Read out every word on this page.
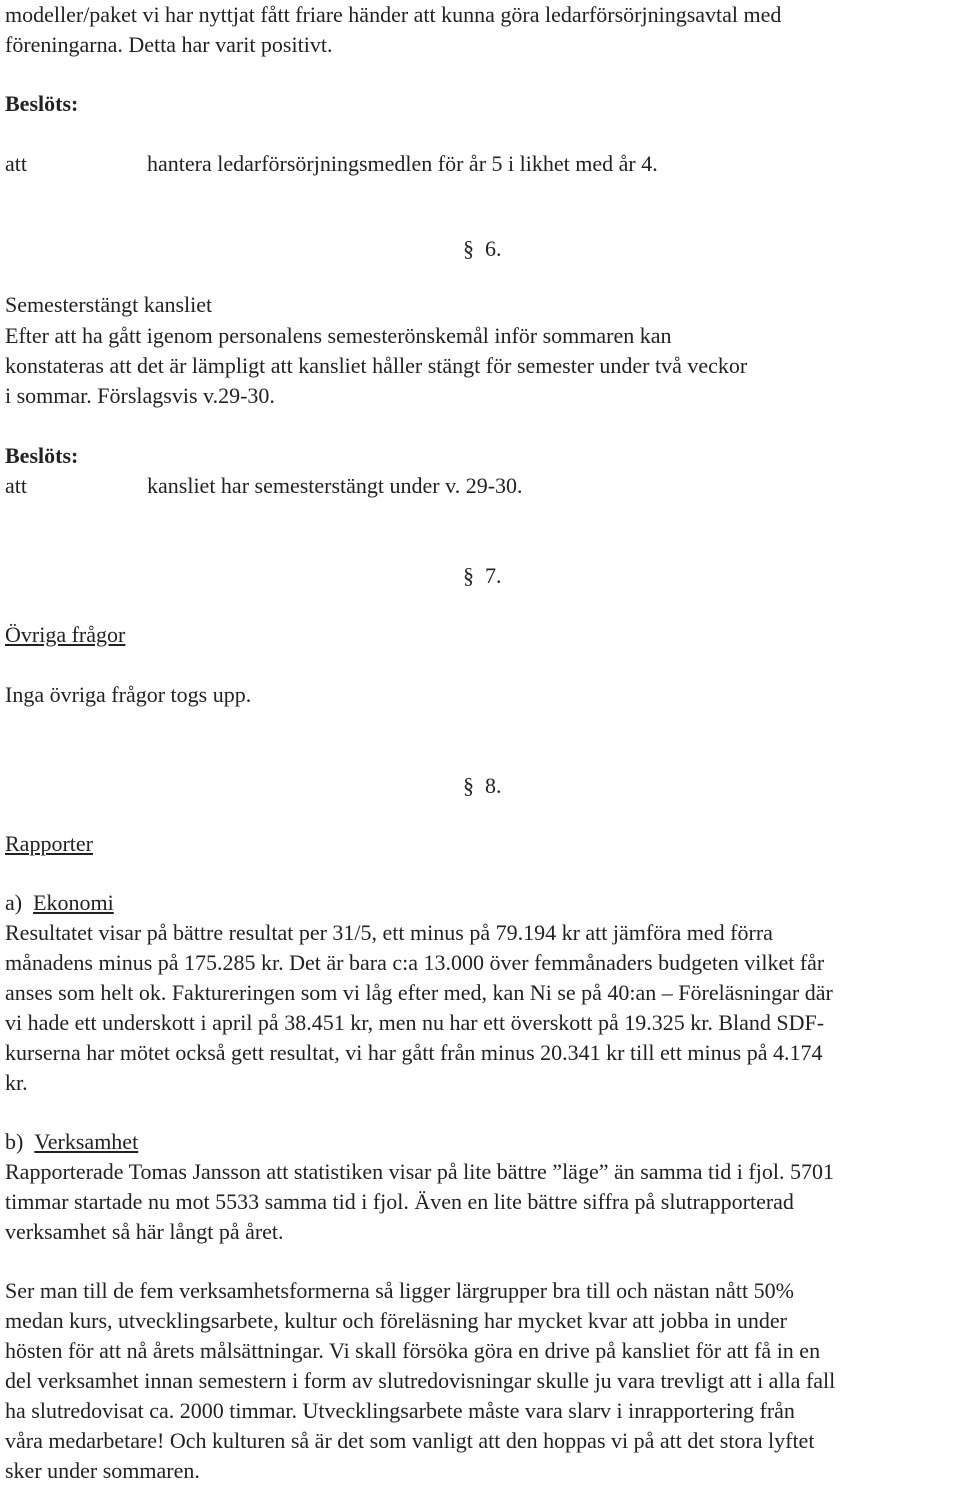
modeller/paket vi har nyttjat fått friare händer att kunna göra ledarförsörjningsavtal med
föreningarna. Detta har varit positivt.
Beslöts:
att	hantera ledarförsörjningsmedlen för år 5 i likhet med år 4.
§ 6.
Semesterstängt kansliet
Efter att ha gått igenom personalens semesterönskemål inför sommaren kan
konstateras att det är lämpligt att kansliet håller stängt för semester under två veckor
i sommar. Förslagsvis v.29-30.
Beslöts:
att	kansliet har semesterstängt under v. 29-30.
§ 7.
Övriga frågor
Inga övriga frågor togs upp.
§ 8.
Rapporter
a) Ekonomi
Resultatet visar på bättre resultat per 31/5, ett minus på 79.194 kr att jämföra med förra
månadens minus på 175.285 kr. Det är bara c:a 13.000 över femmånaders budgeten vilket får
anses som helt ok. Faktureringen som vi låg efter med, kan Ni se på 40:an – Föreläsningar där
vi hade ett underskott i april på 38.451 kr, men nu har ett överskott på 19.325 kr. Bland SDF-
kurserna har mötet också gett resultat, vi har gått från minus 20.341 kr till ett minus på 4.174
kr.
b) Verksamhet
Rapporterade Tomas Jansson att statistiken visar på lite bättre ”läge” än samma tid i fjol. 5701
timmar startade nu mot 5533 samma tid i fjol. Även en lite bättre siffra på slutrapporterad
verksamhet så här långt på året.
Ser man till de fem verksamhetsformerna så ligger lärgrupper bra till och nästan nått 50%
medan kurs, utvecklingsarbete, kultur och föreläsning har mycket kvar att jobba in under
hösten för att nå årets målsättningar. Vi skall försöka göra en drive på kansliet för att få in en
del verksamhet innan semestern i form av slutredovisningar skulle ju vara trevligt att i alla fall
ha slutredovisat ca. 2000 timmar. Utvecklingsarbete måste vara slarv i inrapportering från
våra medarbetare! Och kulturen så är det som vanligt att den hoppas vi på att det stora lyftet
sker under sommaren.
